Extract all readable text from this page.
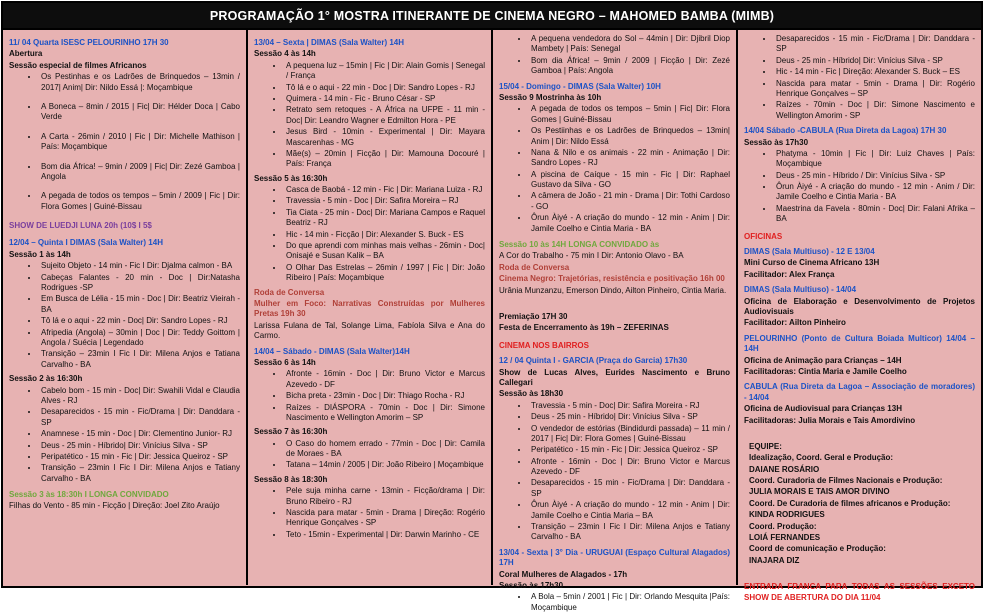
PROGRAMAÇÃO 1° MOSTRA ITINERANTE DE CINEMA NEGRO – MAHOMED BAMBA (MIMB)
11/ 04 Quarta ISESC PELOURINHO 17H 30
Abertura
Sessão especial de filmes Africanos
• Os Pestinhas e os Ladrões de Brinquedos – 13min / 2017| Anim| Dir: Nildo Essá |: Moçambique
• A Boneca – 8min / 2015 | Fic| Dir: Hélder Doca | Cabo Verde
• A Carta - 26min / 2010 | Fic | Dir: Michelle Mathison | País: Moçambique
• Bom dia África! – 9min / 2009 | Fic| Dir: Zezé Gamboa | Angola
• A pegada de todos os tempos – 5min / 2009 | Fic | Dir: Flora Gomes | Guiné-Bissau
SHOW DE LUEDJI LUNA 20h (10$ I 5$
12/04 – Quinta I DIMAS (Sala Walter) 14H
Sessão 1 às 14h
• Sujeito Objeto - 14 min - Fic I Dir: Djalma calmon - BA
• Cabeças Falantes - 20 min - Doc | Dir:Natasha Rodrigues -SP
• Em Busca de Lélia - 15 min - Doc | Dir: Beatriz Vieirah - BA
• Tô lá e o aqui - 22 min - Doc| Dir: Sandro Lopes - RJ
• Afripedia (Angola) – 30min | Doc | Dir: Teddy Goittom | Angola / Suécia | Legendado
• Transição – 23min I Fic I Dir: Milena Anjos e Tatiana Carvalho - BA
Sessão 2 às 16:30h
• Cabelo bom - 15 min - Doc| Dir: Swahili Vidal e Claudia Alves - RJ
• Desaparecidos - 15 min - Fic/Drama | Dir: Danddara - SP
• Anamnese - 15 min - Doc | Dir: Clementino Junior- RJ
• Deus - 25 min - Híbrido| Dir: Vinícius Silva - SP
• Peripatético - 15 min - Fic | Dir: Jessica Queiroz - SP
• Transição – 23min I Fic I Dir: Milena Anjos e Tatiany Carvalho - BA
Sessão 3 às 18:30h I LONGA CONVIDADO
Filhas do Vento - 85 min - Ficção | Direção: Joel Zito Araújo
13/04 – Sexta | DIMAS (Sala Walter) 14H
Sessão 4 às 14h
• A pequena luz – 15min | Fic | Dir: Alain Gomis | Senegal / França
• Tô lá e o aqui - 22 min - Doc | Dir: Sandro Lopes - RJ
• Quimera - 14 min - Fic - Bruno César - SP
• Retrato sem retoques - A África na UFPE - 11 min - Doc| Dir: Leandro Wagner e Edmilton Hora - PE
• Jesus Bird - 10min - Experimental | Dir: Mayara Mascarenhas - MG
• Mãe(s) – 20min | Ficção | Dir: Mamouna Docouré | País: França
Sessão 5 às 16:30h
• Casca de Baobá - 12 min - Fic | Dir: Mariana Luiza - RJ
• Travessia - 5 min - Doc | Dir: Safira Moreira – RJ
• Tia Ciata - 25 min - Doc| Dir: Mariana Campos e Raquel Beatriz - RJ
• Hic - 14 min - Ficção | Dir: Alexander S. Buck - ES
• Do que aprendi com minhas mais velhas - 26min - Doc| Onisajé e Susan Kalik – BA
• O Olhar Das Estrelas – 26min / 1997 | Fic | Dir: João Ribeiro | País: Moçambique
Roda de Conversa
Mulher em Foco: Narrativas Construídas por Mulheres Pretas 19h 30
Larissa Fulana de Tal, Solange Lima, Fabíola Silva e Ana do Carmo.
14/04 – Sábado - DIMAS (Sala Walter)14H
Sessão 6 às 14h
• Afronte - 16min - Doc | Dir: Bruno Victor e Marcus Azevedo - DF
• Bicha preta - 23min - Doc | Dir: Thiago Rocha - RJ
• Raízes - DIÁSPORA - 70min - Doc | Dir: Simone Nascimento e Wellington Amorim – SP
Sessão 7 às 16:30h
• O Caso do homem errado - 77min - Doc | Dir: Camila de Moraes - BA
• Tatana – 14min / 2005 | Dir: João Ribeiro | Moçambique
Sessão 8 às 18:30h
• Pele suja minha carne - 13min - Ficção/drama | Dir: Bruno Ribeiro - RJ
• Nascida para matar - 5min - Drama | Direção: Rogério Henrique Gonçalves - SP
• Teto - 15min - Experimental | Dir: Darwin Marinho - CE
• A pequena vendedora do Sol – 44min | Dir: Djibril Diop Mambety | País: Senegal
• Bom dia África! – 9min / 2009 | Ficção | Dir: Zezé Gamboa | País: Angola
15/04 - Domingo - DIMAS (Sala Walter) 10H
Sessão 9 Mostrinha às 10h
• A pegada de todos os tempos – 5min | Fic| Dir: Flora Gomes | Guiné-Bissau
• Os Pestiinhas e os Ladrões de Brinquedos – 13min| Anim | Dir: Nildo Essá
• Nana & Nilo e os animais - 22 min - Animação | Dir: Sandro Lopes - RJ
• A piscina de Caíque - 15 min - Fic | Dir: Raphael Gustavo da Silva - GO
• A câmera de João - 21 min - Drama | Dir: Tothi Cardoso - GO
• Ôrun Àiyé - A criação do mundo - 12 min - Anim | Dir: Jamile Coelho e Cintia Maria - BA
Sessão 10 às 14H LONGA CONVIDADO às
A Cor do Trabalho - 75 min I Dir: Antonio Olavo - BA
Roda de Conversa
Cinema Negro: Trajetórias, resistência e positivação 16h 00
Urânia Munzanzu, Emerson Dindo, Ailton Pinheiro, Cintia Maria.
Premiação 17H 30
Festa de Encerramento às 19h – ZEFERINAS
CINEMA NOS BAIRROS
12 / 04 Quinta I - GARCIA (Praça do Garcia) 17h30
Show de Lucas Alves, Eurides Nascimento e Bruno Callegari
Sessão às 18h30
• Travessia - 5 min - Doc| Dir: Safira Moreira - RJ
• Deus - 25 min - Híbrido| Dir: Vinícius Silva - SP
• O vendedor de estórias (Bindidurdi passada) – 11 min / 2017 | Fic| Dir: Flora Gomes | Guiné-Bissau
• Peripatético - 15 min - Fic | Dir: Jessica Queiroz - SP
• Afronte - 16min - Doc | Dir: Bruno Victor e Marcus Azevedo - DF
• Desaparecidos - 15 min - Fic/Drama | Dir: Danddara - SP
• Ôrun Àiyé - A criação do mundo - 12 min - Anim | Dir: Jamile Coelho e Cintia Maria – BA
• Transição – 23min I Fic I Dir: Milena Anjos e Tatiany Carvalho - BA
13/04 - Sexta | 3° Dia - URUGUAI (Espaço Cultural Alagados) 17H
Coral Mulheres de Alagados - 17h
Sessão às 17h30
• A Bola – 5min / 2001 | Fic | Dir: Orlando Mesquita |País: Moçambique
• Desaparecidos - 15 min - Fic/Drama | Dir: Danddara - SP
• Deus - 25 min - Híbrido| Dir: Vinícius Silva - SP
• Hic - 14 min - Fic | Direção: Alexander S. Buck – ES
• Nascida para matar - 5min - Drama | Dir: Rogério Henrique Gonçalves – SP
• Raízes - 70min - Doc | Dir: Simone Nascimento e Wellington Amorim - SP
14/04 Sábado -CABULA (Rua Direta da Lagoa) 17H 30
Sessão às 17h30
• Phatyma - 10min | Fic | Dir: Luiz Chaves | País: Moçambique
• Deus - 25 min - Híbrido / Dir: Vinícius Silva - SP
• Ôrun Àiyé - A criação do mundo - 12 min - Anim / Dir: Jamile Coelho e Cintia Maria - BA
• Maestrina da Favela - 80min - Doc| Dir: Falani Afrika – BA
OFICINAS
DIMAS (Sala Multiuso) - 12 E 13/04
Mini Curso de Cinema Africano 13H
Facilitador: Alex França
DIMAS (Sala Multiuso) - 14/04
Oficina de Elaboração e Desenvolvimento de Projetos Audiovisuais
Facilitador: Ailton Pinheiro
PELOURINHO (Ponto de Cultura Boiada Multicor) 14/04 – 14H
Oficina de Animação para Crianças – 14H
Facilitadoras: Cintia Maria e Jamile Coelho
CABULA (Rua Direta da Lagoa – Associação de moradores) - 14/04
Oficina de Audiovisual para Crianças 13H
Facilitadoras: Julia Morais e Tais Amordivino
EQUIPE:
Idealização, Coord. Geral e Produção:
DAIANE ROSÁRIO
Coord. Curadoria de Filmes Nacionais e Produção:
JULIA MORAIS E TAIS AMOR DIVINO
Coord. De Curadoria de filmes africanos e Produção:
KINDA RODRIGUES
Coord. Produção:
LOIÁ FERNANDES
Coord de comunicação e Produção:
INAJARA DIZ
ENTRADA FRANCA PARA TODAS AS SESSÕES EXCETO SHOW DE ABERTURA DO DIA 11/04
